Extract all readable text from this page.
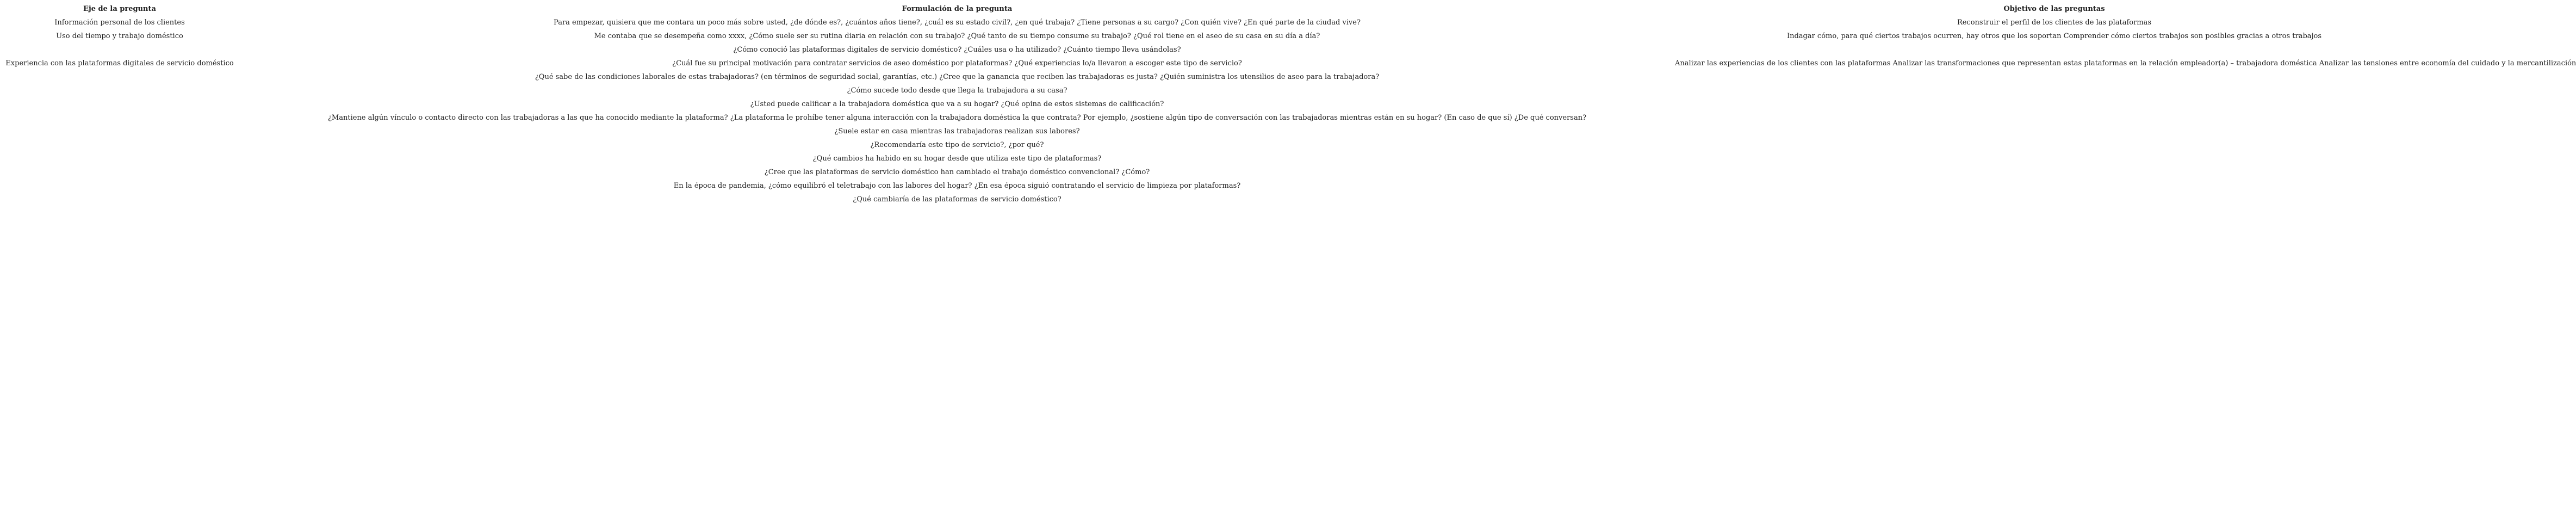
Eje de la pregunta	Formulación de la pregunta	Objetivo de las preguntas
Información personal de los clientes	Para empezar, quisiera que me contara un poco más sobre usted, ¿de dónde es?, ¿cuántos años tiene?, ¿cuál es su estado civil?, ¿en qué trabaja? ¿Tiene personas a su cargo? ¿Con quién vive? ¿En qué parte de la ciudad vive?	Reconstruir el perfil de los clientes de las plataformas
Uso del tiempo y trabajo doméstico	Me contaba que se desempeña como xxxx, ¿Cómo suele ser su rutina diaria en relación con su trabajo? ¿Qué tanto de su tiempo consume su trabajo? ¿Qué rol tiene en el aseo de su casa en su día a día?	Indagar cómo, para qué ciertos trabajos ocurren, hay otros que los soportan Comprender cómo ciertos trabajos son posibles gracias a otros trabajos
	¿Cómo conoció las plataformas digitales de servicio doméstico? ¿Cuáles usa o ha utilizado? ¿Cuánto tiempo lleva usándolas?	
Experiencia con las plataformas digitales de servicio doméstico	¿Cuál fue su principal motivación para contratar servicios de aseo doméstico por plataformas? ¿Qué experiencias lo/a llevaron a escoger este tipo de servicio?	Analizar las experiencias de los clientes con las plataformas Analizar las transformaciones que representan estas plataformas en la relación empleador(a) – trabajadora doméstica Analizar las tensiones entre economía del cuidado y la mercantilización
	¿Qué sabe de las condiciones laborales de estas trabajadoras? (en términos de seguridad social, garantías, etc.) ¿Cree que la ganancia que reciben las trabajadoras es justa? ¿Quién suministra los utensilios de aseo para la trabajadora?	
	¿Cómo sucede todo desde que llega la trabajadora a su casa?	
	¿Usted puede calificar a la trabajadora doméstica que va a su hogar? ¿Qué opina de estos sistemas de calificación?	
	¿Mantiene algún vínculo o contacto directo con las trabajadoras a las que ha conocido mediante la plataforma? ¿La plataforma le prohíbe tener alguna interacción con la trabajadora doméstica la que contrata? Por ejemplo, ¿sostiene algún tipo de conversación con las trabajadoras mientras están en su hogar? (En caso de que sí) ¿De qué conversan?	
	¿Suele estar en casa mientras las trabajadoras realizan sus labores?	
	¿Recomendaría este tipo de servicio?, ¿por qué?	
	¿Qué cambios ha habido en su hogar desde que utiliza este tipo de plataformas?	
	¿Cree que las plataformas de servicio doméstico han cambiado el trabajo doméstico convencional? ¿Cómo?	
	En la época de pandemia, ¿cómo equilibró el teletrabajo con las labores del hogar? ¿En esa época siguió contratando el servicio de limpieza por plataformas?	
	¿Qué cambiaría de las plataformas de servicio doméstico?	
